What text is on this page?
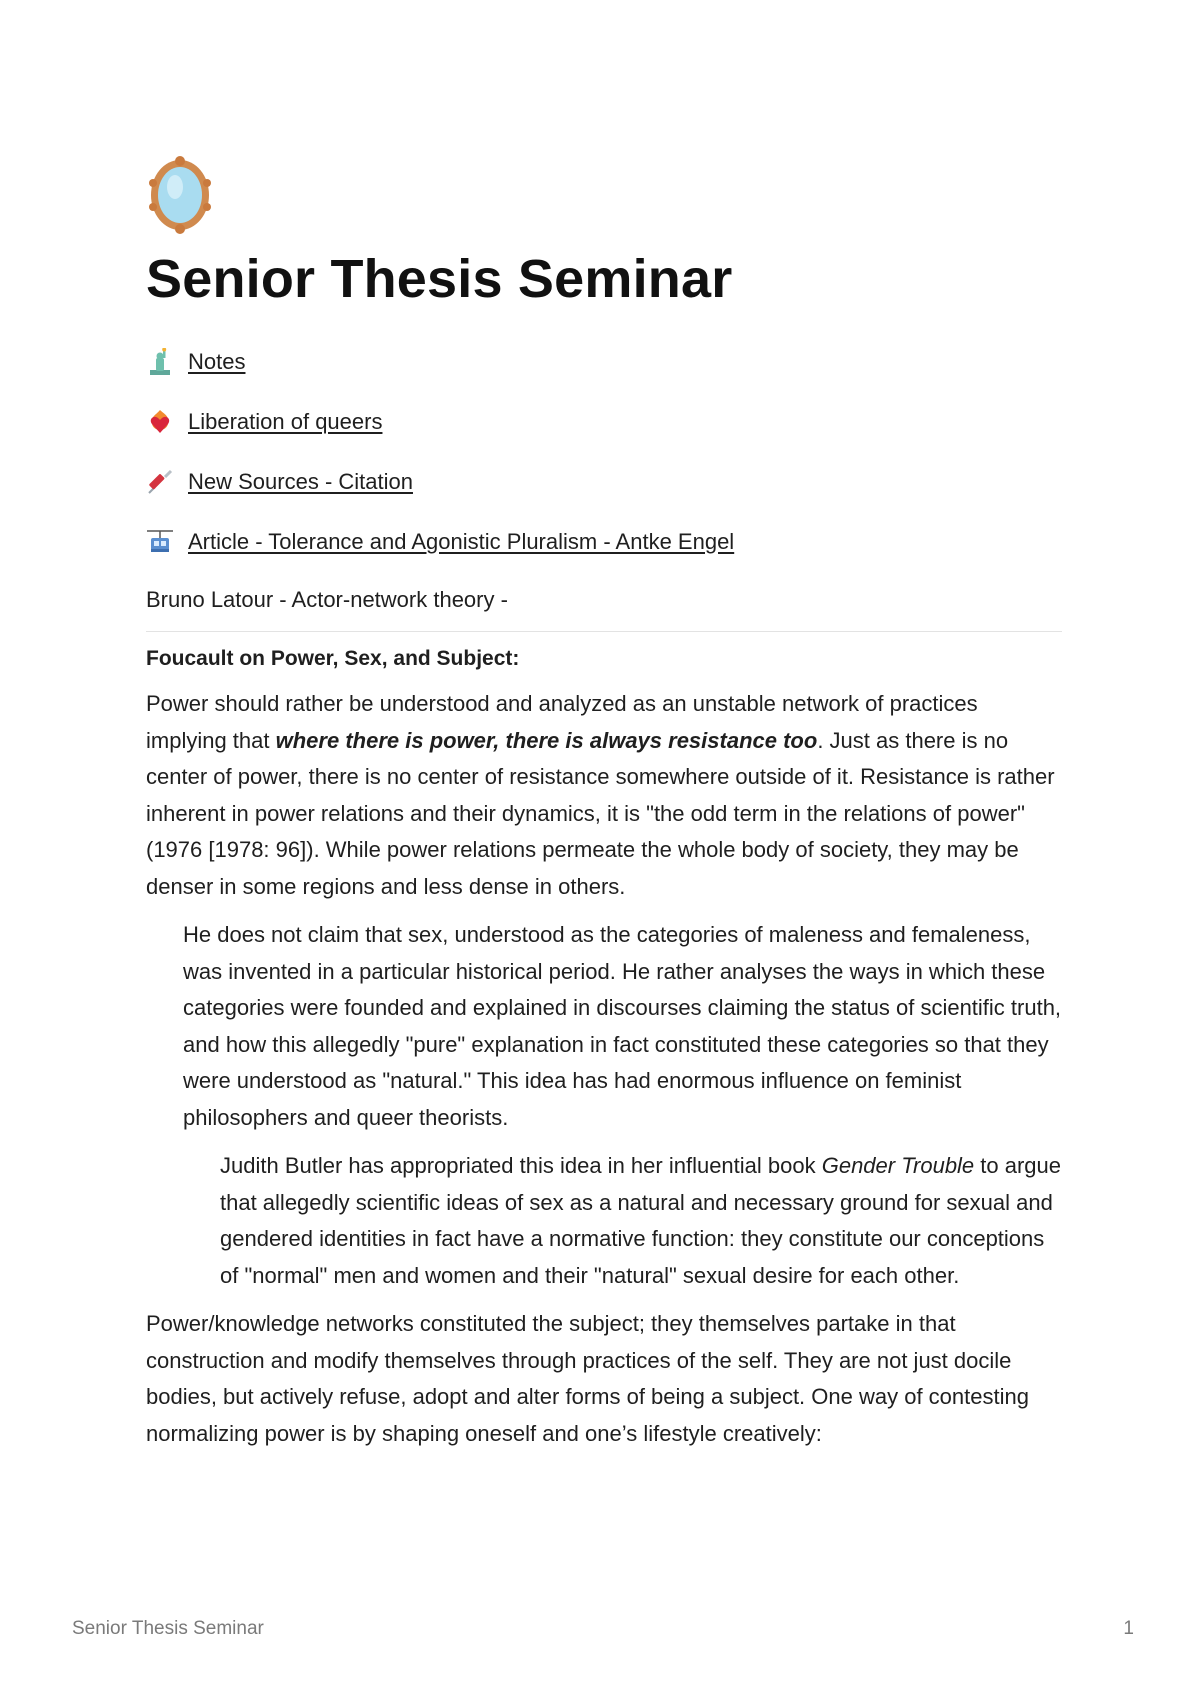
Senior Thesis Seminar
Notes
Liberation of queers
New Sources - Citation
Article - Tolerance and Agonistic Pluralism - Antke Engel
Bruno Latour - Actor-network theory -
Foucault on Power, Sex, and Subject:

Power should rather be understood and analyzed as an unstable network of practices implying that where there is power, there is always resistance too. Just as there is no center of power, there is no center of resistance somewhere outside of it. Resistance is rather inherent in power relations and their dynamics, it is "the odd term in the relations of power" (1976 [1978: 96]). While power relations permeate the whole body of society, they may be denser in some regions and less dense in others.

He does not claim that sex, understood as the categories of maleness and femaleness, was invented in a particular historical period. He rather analyses the ways in which these categories were founded and explained in discourses claiming the status of scientific truth, and how this allegedly "pure" explanation in fact constituted these categories so that they were understood as "natural." This idea has had enormous influence on feminist philosophers and queer theorists.

Judith Butler has appropriated this idea in her influential book Gender Trouble to argue that allegedly scientific ideas of sex as a natural and necessary ground for sexual and gendered identities in fact have a normative function: they constitute our conceptions of "normal" men and women and their "natural" sexual desire for each other.

Power/knowledge networks constituted the subject; they themselves partake in that construction and modify themselves through practices of the self. They are not just docile bodies, but actively refuse, adopt and alter forms of being a subject. One way of contesting normalizing power is by shaping oneself and one’s lifestyle creatively:

Senior Thesis Seminar	1
